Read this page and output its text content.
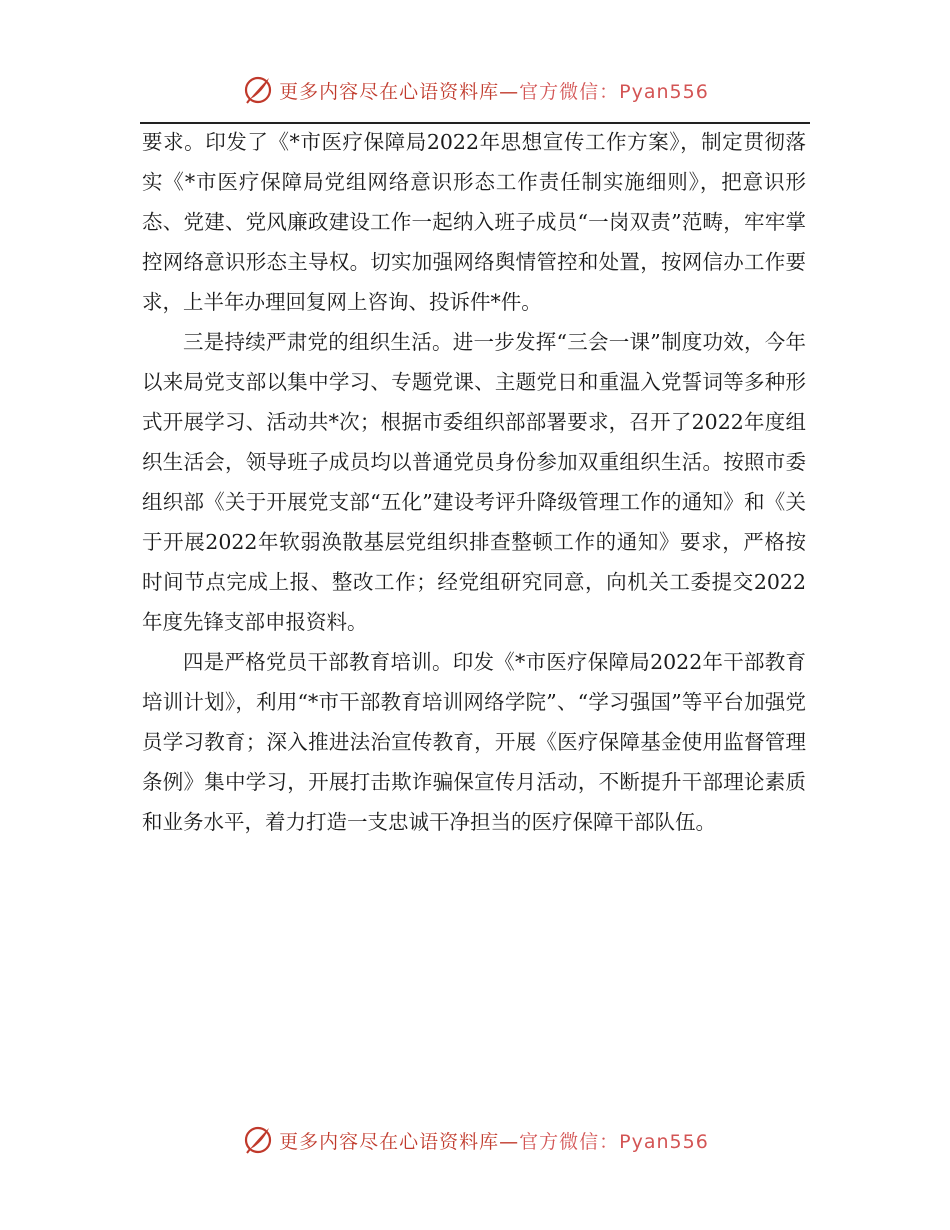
更多内容尽在心语资料库—官方微信：Pyan556

要求。印发了《*市医疗保障局2022年思想宣传工作方案》，制定贯彻落实《*市医疗保障局党组网络意识形态工作责任制实施细则》，把意识形态、党建、党风廉政建设工作一起纳入班子成员“一岗双责”范畴，牢牢掌控网络意识形态主导权。切实加强网络舆情管控和处置，按网信办工作要求，上半年办理回复网上咨询、投诉件*件。

三是持续严肃党的组织生活。进一步发挥“三会一课”制度功效，今年以来局党支部以集中学习、专题党课、主题党日和重温入党誓词等多种形式开展学习、活动共*次；根据市委组织部部署要求，召开了2022年度组织生活会，领导班子成员均以普通党员身份参加双重组织生活。按照市委组织部《关于开展党支部“五化”建设考评升降级管理工作的通知》和《关于开展2022年软弱涣散基层党组织排查整顿工作的通知》要求，严格按时间节点完成上报、整改工作；经党组研究同意，向机关工委提交2022年度先锋支部申报资料。

四是严格党员干部教育培训。印发《*市医疗保障局2022年干部教育培训计划》，利用“*市干部教育培训网络学院”、“学习强国”等平台加强党员学习教育；深入推进法治宣传教育，开展《医疗保障基金使用监督管理条例》集中学习，开展打击欺诈骗保宣传月活动，不断提升干部理论素质和业务水平，着力打造一支忠诚干净担当的医疗保障干部队伍。

更多内容尽在心语资料库—官方微信：Pyan556
